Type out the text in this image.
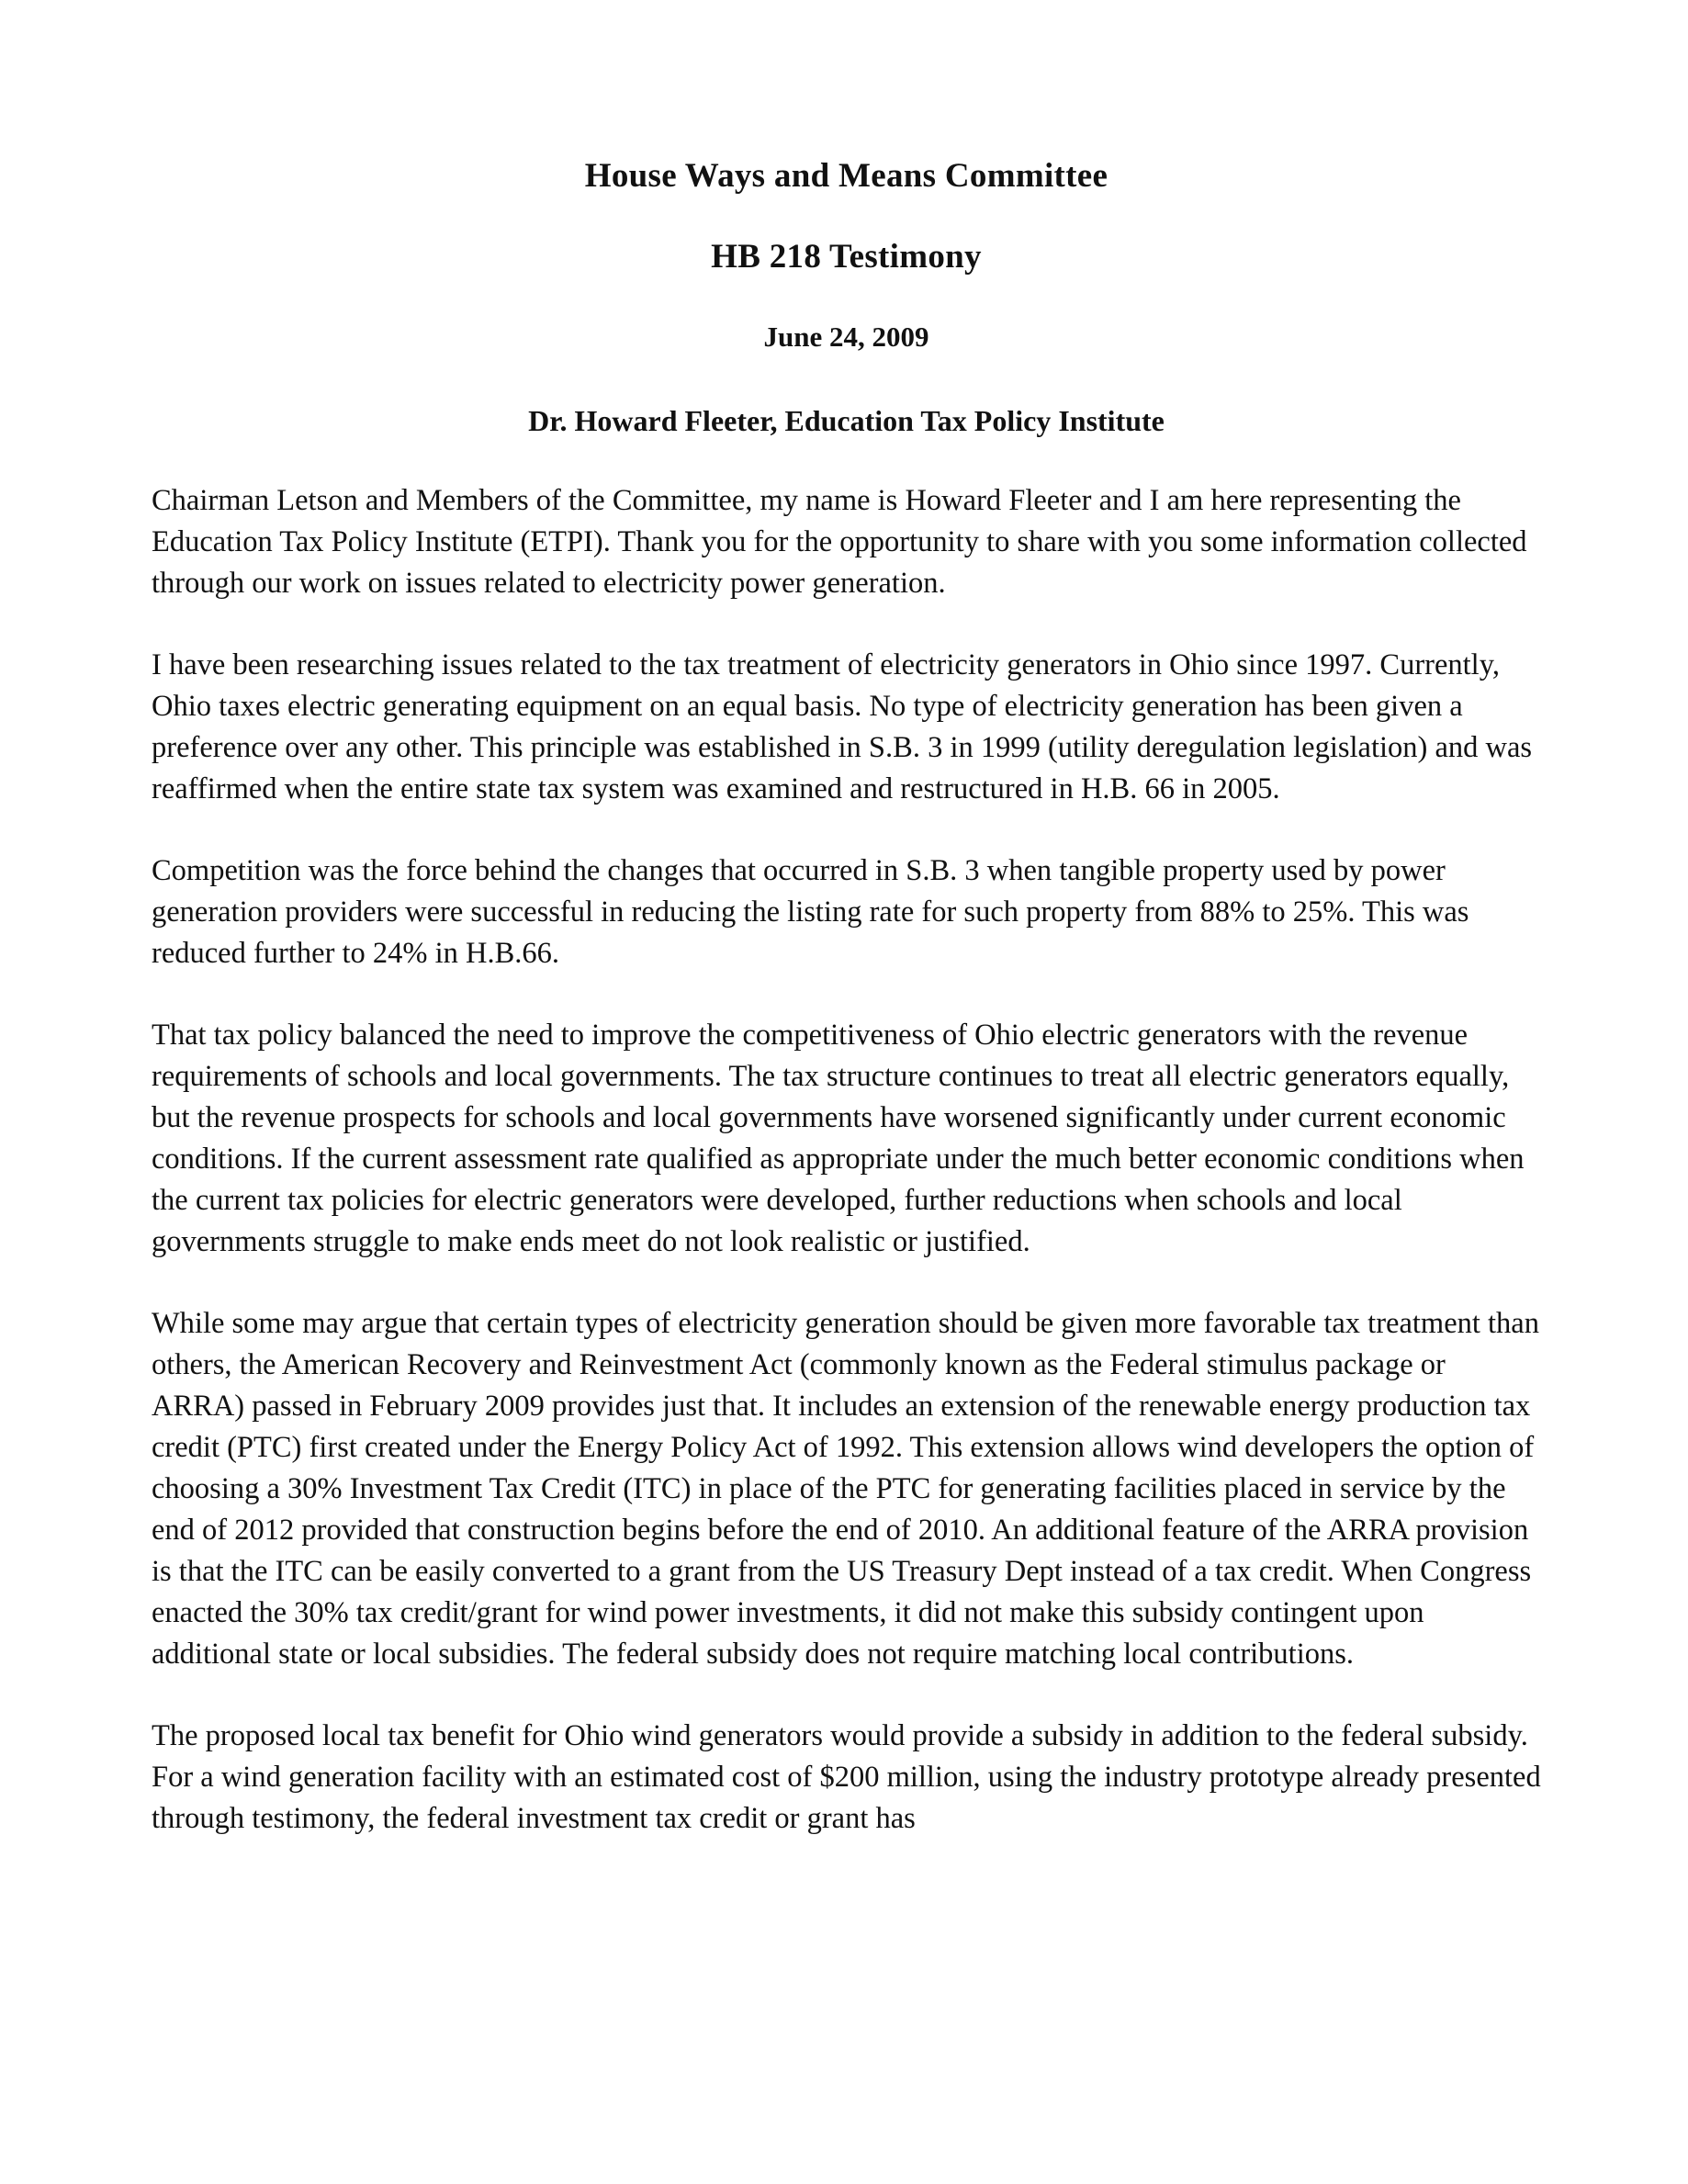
House Ways and Means Committee
HB 218 Testimony
June 24, 2009
Dr. Howard Fleeter, Education Tax Policy Institute

Chairman Letson and Members of the Committee, my name is Howard Fleeter and I am here representing the Education Tax Policy Institute (ETPI). Thank you for the opportunity to share with you some information collected through our work on issues related to electricity power generation.

I have been researching issues related to the tax treatment of electricity generators in Ohio since 1997. Currently, Ohio taxes electric generating equipment on an equal basis. No type of electricity generation has been given a preference over any other. This principle was established in S.B. 3 in 1999 (utility deregulation legislation) and was reaffirmed when the entire state tax system was examined and restructured in H.B. 66 in 2005.

Competition was the force behind the changes that occurred in S.B. 3 when tangible property used by power generation providers were successful in reducing the listing rate for such property from 88% to 25%. This was reduced further to 24% in H.B.66.

That tax policy balanced the need to improve the competitiveness of Ohio electric generators with the revenue requirements of schools and local governments. The tax structure continues to treat all electric generators equally, but the revenue prospects for schools and local governments have worsened significantly under current economic conditions. If the current assessment rate qualified as appropriate under the much better economic conditions when the current tax policies for electric generators were developed, further reductions when schools and local governments struggle to make ends meet do not look realistic or justified.

While some may argue that certain types of electricity generation should be given more favorable tax treatment than others, the American Recovery and Reinvestment Act (commonly known as the Federal stimulus package or ARRA) passed in February 2009 provides just that. It includes an extension of the renewable energy production tax credit (PTC) first created under the Energy Policy Act of 1992. This extension allows wind developers the option of choosing a 30% Investment Tax Credit (ITC) in place of the PTC for generating facilities placed in service by the end of 2012 provided that construction begins before the end of 2010. An additional feature of the ARRA provision is that the ITC can be easily converted to a grant from the US Treasury Dept instead of a tax credit. When Congress enacted the 30% tax credit/grant for wind power investments, it did not make this subsidy contingent upon additional state or local subsidies. The federal subsidy does not require matching local contributions.

The proposed local tax benefit for Ohio wind generators would provide a subsidy in addition to the federal subsidy. For a wind generation facility with an estimated cost of $200 million, using the industry prototype already presented through testimony, the federal investment tax credit or grant has
